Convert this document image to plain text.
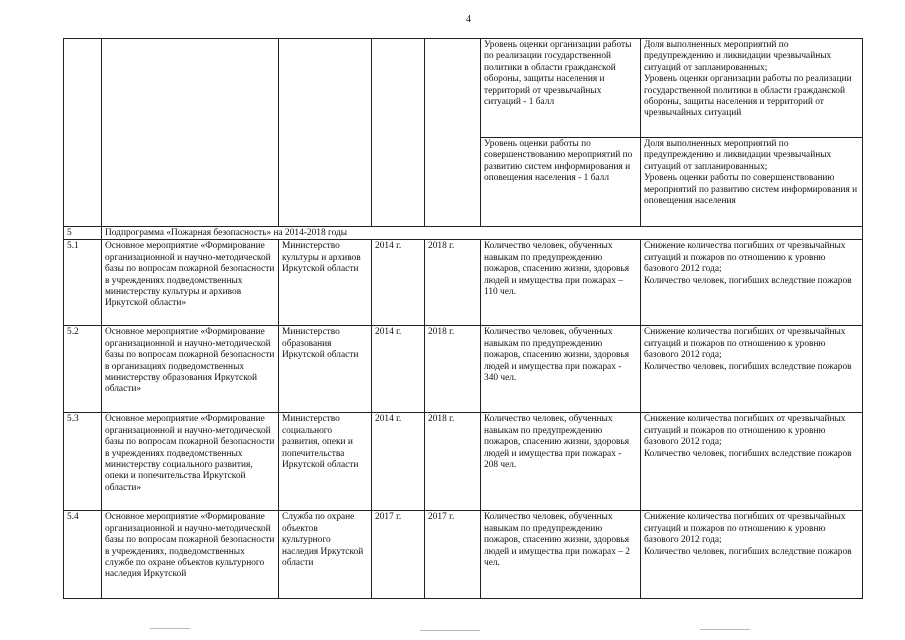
4
					Уровень оценки организации работы по реализации государственной политики в области гражданской обороны, защиты населения и территорий от чрезвычайных ситуаций - 1 балл	Доля выполненных мероприятий по предупреждению и ликвидации чрезвычайных ситуаций от запланированных;
Уровень оценки организации работы по реализации государственной политики в области гражданской обороны, защиты населения и территорий от чрезвычайных ситуаций
					Уровень оценки работы по совершенствованию мероприятий по развитию систем информирования и оповещения населения - 1 балл	Доля выполненных мероприятий по предупреждению и ликвидации чрезвычайных ситуаций от запланированных;
Уровень оценки работы по совершенствованию мероприятий по развитию систем информирования и оповещения населения
5	Подпрограмма «Пожарная безопасность» на 2014-2018 годы					
5.1	Основное мероприятие «Формирование организационной и научно-методической базы по вопросам пожарной безопасности в учреждениях подведомственных министерству культуры и архивов Иркутской области»	Министерство культуры и архивов Иркутской области	2014 г.	2018 г.	Количество человек, обученных навыкам по предупреждению пожаров, спасению жизни, здоровья людей и имущества при пожарах – 110 чел.	Снижение количества погибших от чрезвычайных ситуаций и пожаров по отношению к уровню базового 2012 года;
Количество человек, погибших вследствие пожаров
5.2	Основное мероприятие «Формирование организационной и научно-методической базы по вопросам пожарной безопасности в организациях подведомственных министерству образования Иркутской области»	Министерство образования Иркутской области	2014 г.	2018 г.	Количество человек, обученных навыкам по предупреждению пожаров, спасению жизни, здоровья людей и имущества при пожарах - 340 чел.	Снижение количества погибших от чрезвычайных ситуаций и пожаров по отношению к уровню базового 2012 года;
Количество человек, погибших вследствие пожаров
5.3	Основное мероприятие «Формирование организационной и научно-методической базы по вопросам пожарной безопасности в учреждениях подведомственных министерству социального развития, опеки и попечительства Иркутской области»	Министерство социального развития, опеки и попечительства Иркутской области	2014 г.	2018 г.	Количество человек, обученных навыкам по предупреждению пожаров, спасению жизни, здоровья людей и имущества при пожарах - 208 чел.	Снижение количества погибших от чрезвычайных ситуаций и пожаров по отношению к уровню базового 2012 года;
Количество человек, погибших вследствие пожаров
5.4	Основное мероприятие «Формирование организационной и научно-методической базы по вопросам пожарной безопасности в учреждениях, подведомственных службе по охране объектов культурного наследия Иркутской	Служба по охране объектов культурного наследия Иркутской области	2017 г.	2017 г.	Количество человек, обученных навыкам по предупреждению пожаров, спасению жизни, здоровья людей и имущества при пожарах – 2 чел.	Снижение количества погибших от чрезвычайных ситуаций и пожаров по отношению к уровню базового 2012 года;
Количество человек, погибших вследствие пожаров
